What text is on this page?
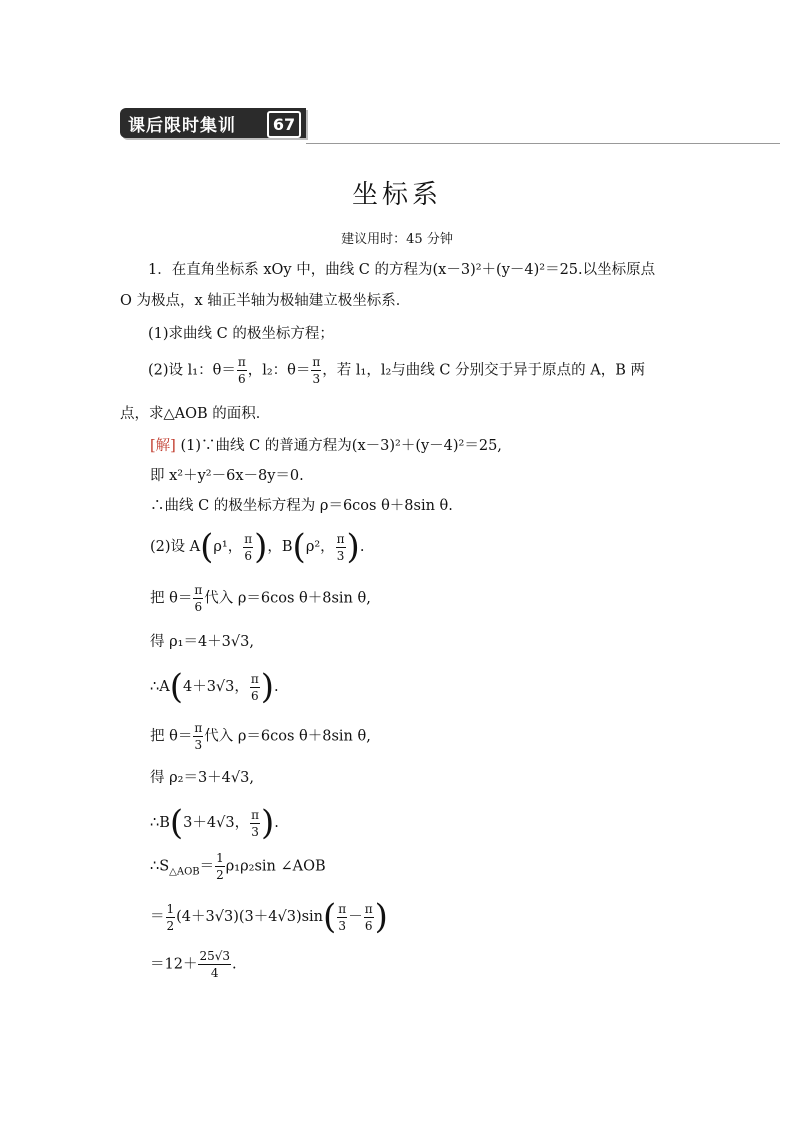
课后限时集训	67
坐标系
建议用时：45 分钟
1．在直角坐标系 xOy 中，曲线 C 的方程为(x－3)²＋(y－4)²＝25.以坐标原点
O 为极点，x 轴正半轴为极轴建立极坐标系．
(1)求曲线 C 的极坐标方程；
(2)设 l₁：$\theta= \frac{\pi}{6}$ ，l₂：$\theta= \frac{\pi}{3}$ ，若 l₁，l₂与曲线 C 分别交于异于原点的 A，B 两
点，求△AOB 的面积．
[解] (1)∵曲线 C 的普通方程为(x－3)²＋(y－4)²＝25,
即 x²＋y²－6x－8y＝0.
∴曲线 C 的极坐标方程为 ρ＝6cos θ＋8sin θ.
(2)设 A(ρ¹， $\frac{\pi}{6}$ )，B(ρ²， $\frac{\pi}{3}$ ).
把 $\theta= \frac{\pi}{6}$ 代入 ρ＝6cos θ＋8sin θ,
得 ρ₁＝4＋3√3,
∴A(4＋3√3， $\frac{\pi}{6}$ ).
把 $\theta= \frac{\pi}{3}$ 代入 ρ＝6cos θ＋8sin θ,
得 ρ₂＝3＋4√3,
∴B(3＋4√3， $\frac{\pi}{3}$ ).
$\therefore S_{\triangle AOB}= \frac{1}{2} \rho_1\rho_2\sin$ ∠AOB
＝ $\frac{1}{2} (4+3√3)(3+4√3)\sin( \frac{\pi}{3} - \frac{\pi}{6}$ )
$=12+ \frac{25√3}{4}$ .
